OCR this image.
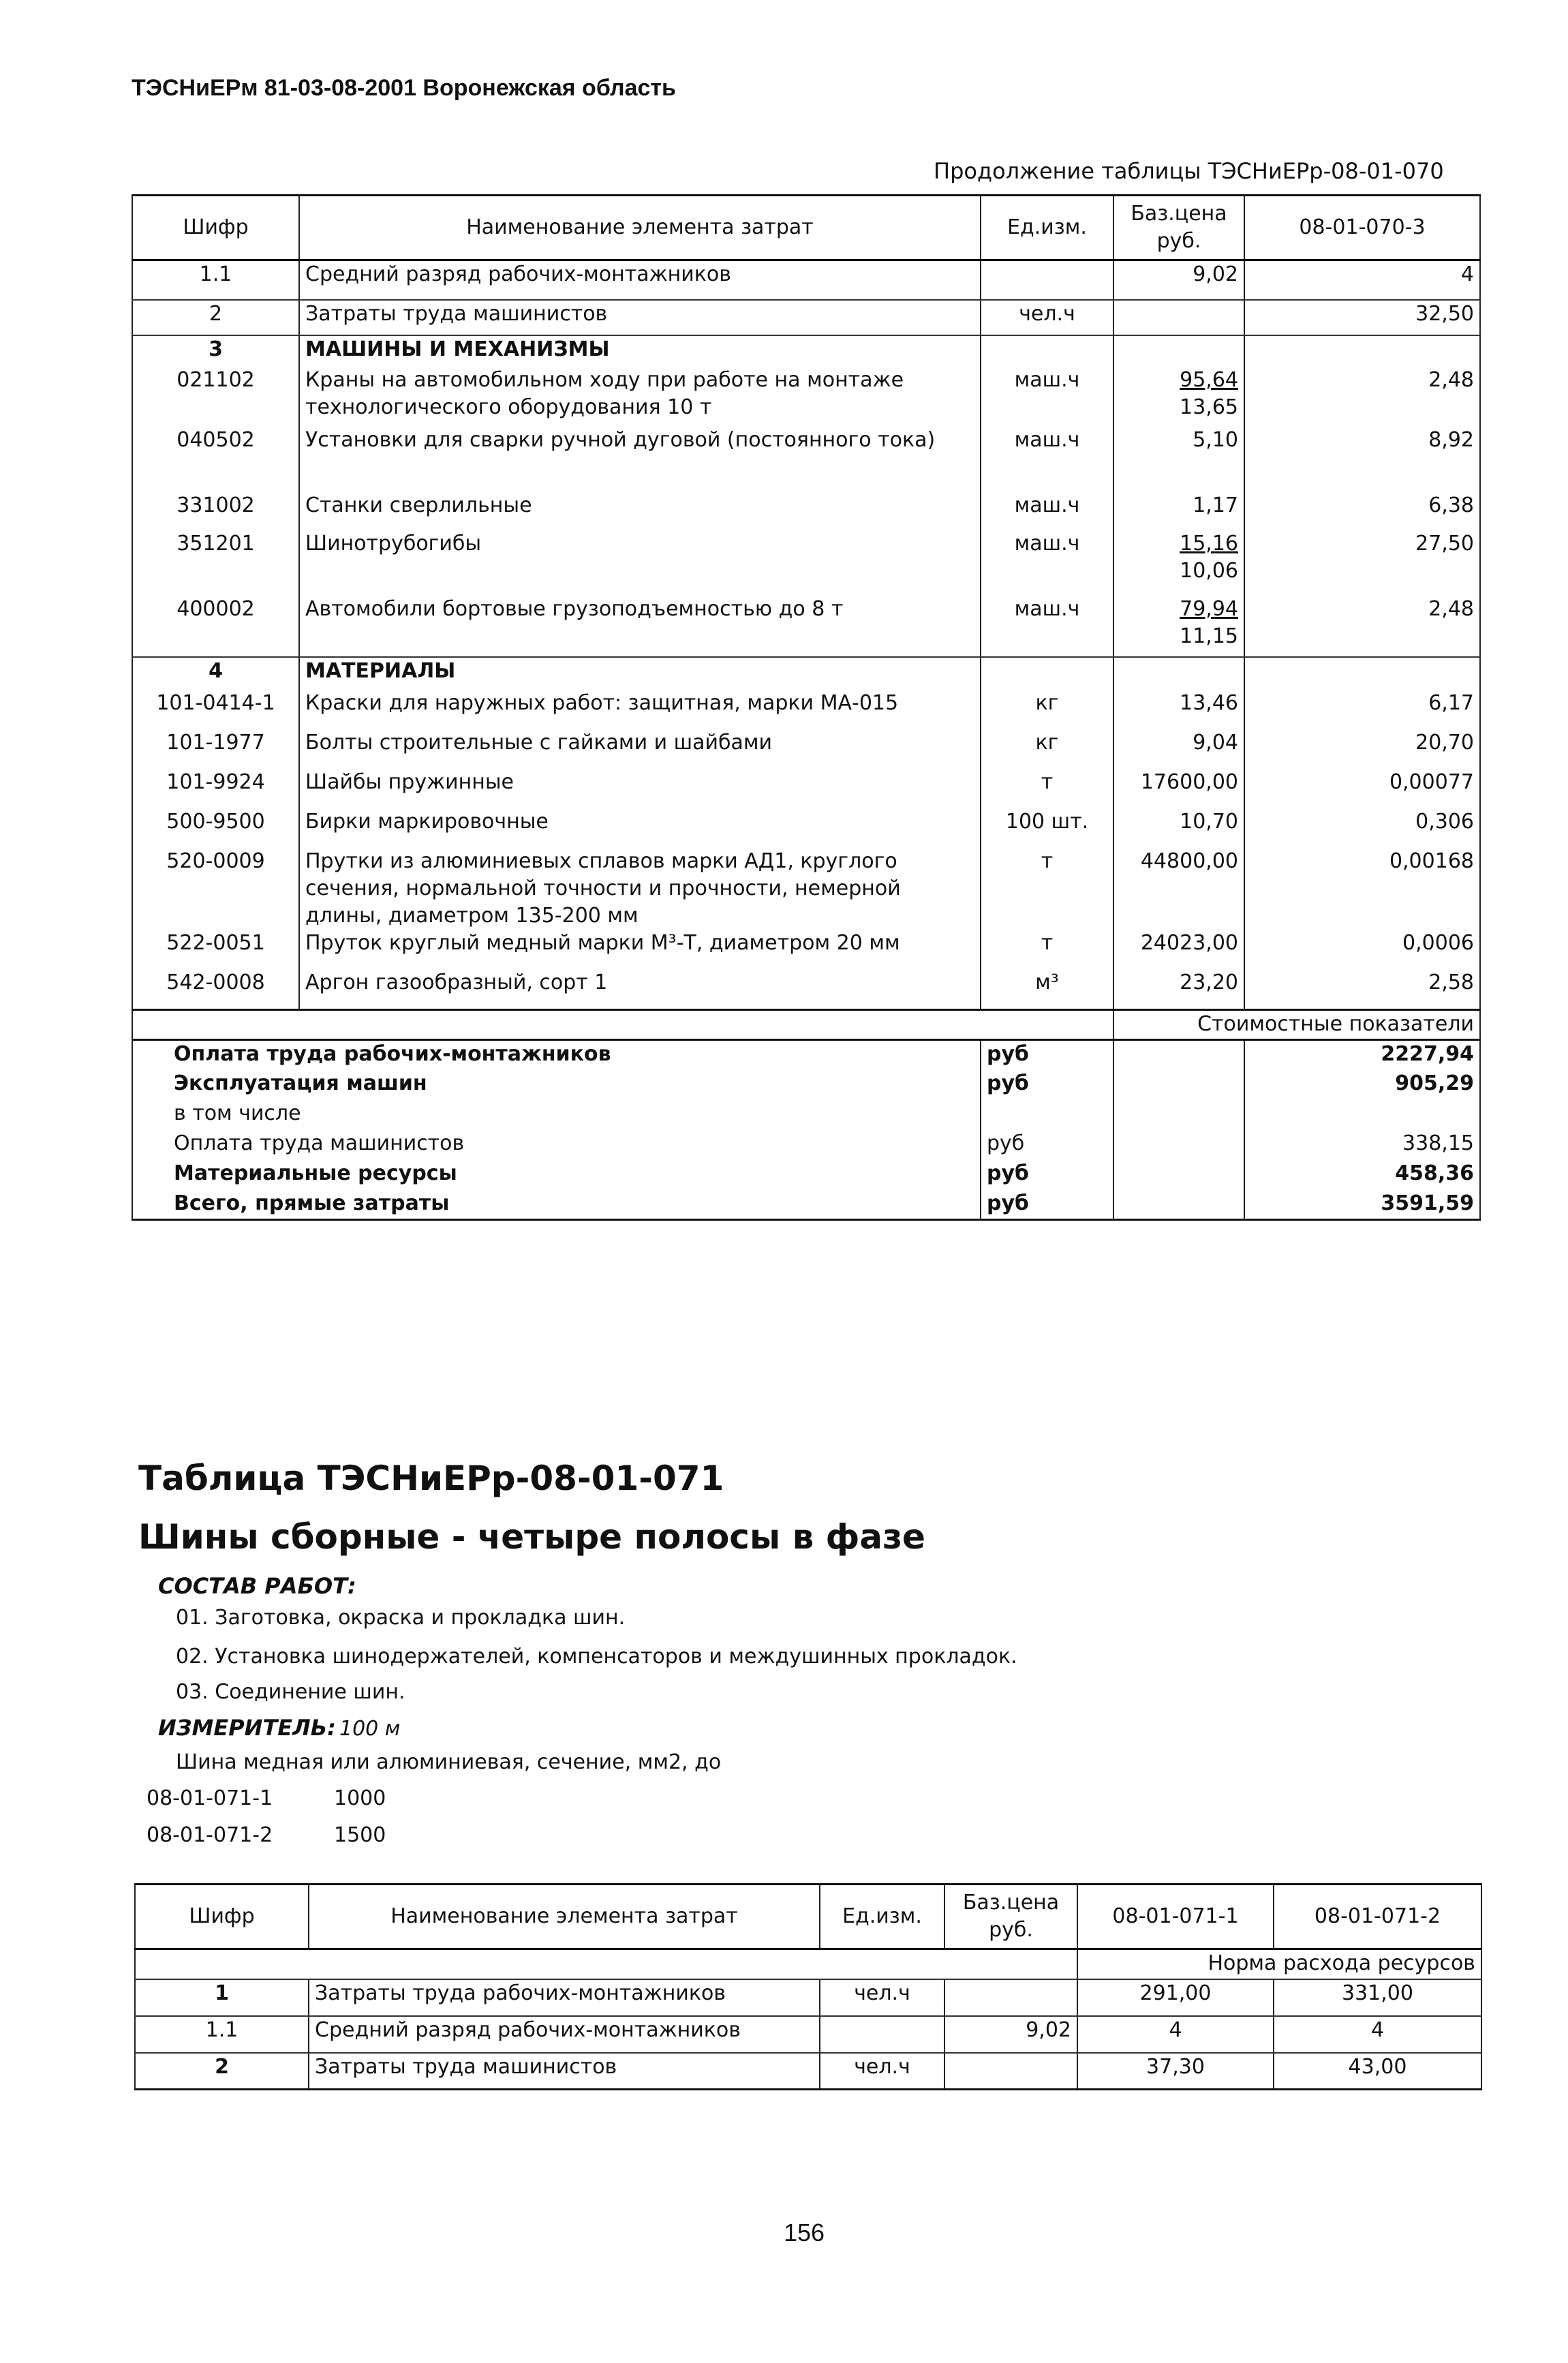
ТЭСНиЕРм 81-03-08-2001 Воронежская область
Продолжение таблицы ТЭСНиЕРр-08-01-070
Шифр	Наименование элемента затрат	Ед.изм.	Баз.цена руб.	08-01-070-3
1.1	Средний разряд рабочих-монтажников		9,02	4
2	Затраты труда машинистов	чел.ч		32,50
3	МАШИНЫ И МЕХАНИЗМЫ			
021102	Краны на автомобильном ходу при работе на монтаже технологического оборудования 10 т	маш.ч	$\frac{95,64}{13,65}$	2,48
040502	Установки для сварки ручной дуговой (постоянного тока)	маш.ч	5,10	8,92
331002	Станки сверлильные	маш.ч	1,17	6,38
351201	Шинотрубогибы	маш.ч	$\frac{15,16}{10,06}$	27,50
400002	Автомобили бортовые грузоподъемностью до 8 т	маш.ч	$\frac{79,94}{11,15}$	2,48
4	МАТЕРИАЛЫ			
101-0414-1	Краски для наружных работ: защитная, марки МА-015	кг	13,46	6,17
101-1977	Болты строительные с гайками и шайбами	кг	9,04	20,70
101-9924	Шайбы пружинные	т	17600,00	0,00077
500-9500	Бирки маркировочные	100 шт.	10,70	0,306
520-0009	Прутки из алюминиевых сплавов марки АД1, круглого сечения, нормальной точности и прочности, немерной длины, диаметром 135-200 мм	т	44800,00	0,00168
522-0051	Пруток круглый медный марки М³-Т, диаметром 20 мм	т	24023,00	0,0006
542-0008	Аргон газообразный, сорт 1	м³	23,20	2,58
			Стоимостные показатели	
Оплата труда рабочих-монтажников		руб		2227,94
Эксплуатация машин		руб		905,29
в том числе				
Оплата труда машинистов		руб		338,15
Материальные ресурсы		руб		458,36
Всего, прямые затраты		руб		3591,59
Таблица ТЭСНиЕРр-08-01-071
Шины сборные - четыре полосы в фазе
СОСТАВ РАБОТ:
01. Заготовка, окраска и прокладка шин.
02. Установка шинодержателей, компенсаторов и междушинных прокладок.
03. Соединение шин.
ИЗМЕРИТЕЛЬ: 100 м
Шина медная или алюминиевая, сечение, мм2, до
08-01-071-1	1000
08-01-071-2	1500
Шифр	Наименование элемента затрат	Ед.изм.	Баз.цена руб.	08-01-071-1	08-01-071-2
				Норма расхода ресурсов	
1	Затраты труда рабочих-монтажников	чел.ч		291,00	331,00
1.1	Средний разряд рабочих-монтажников		9,02	4	4
2	Затраты труда машинистов	чел.ч		37,30	43,00
156
